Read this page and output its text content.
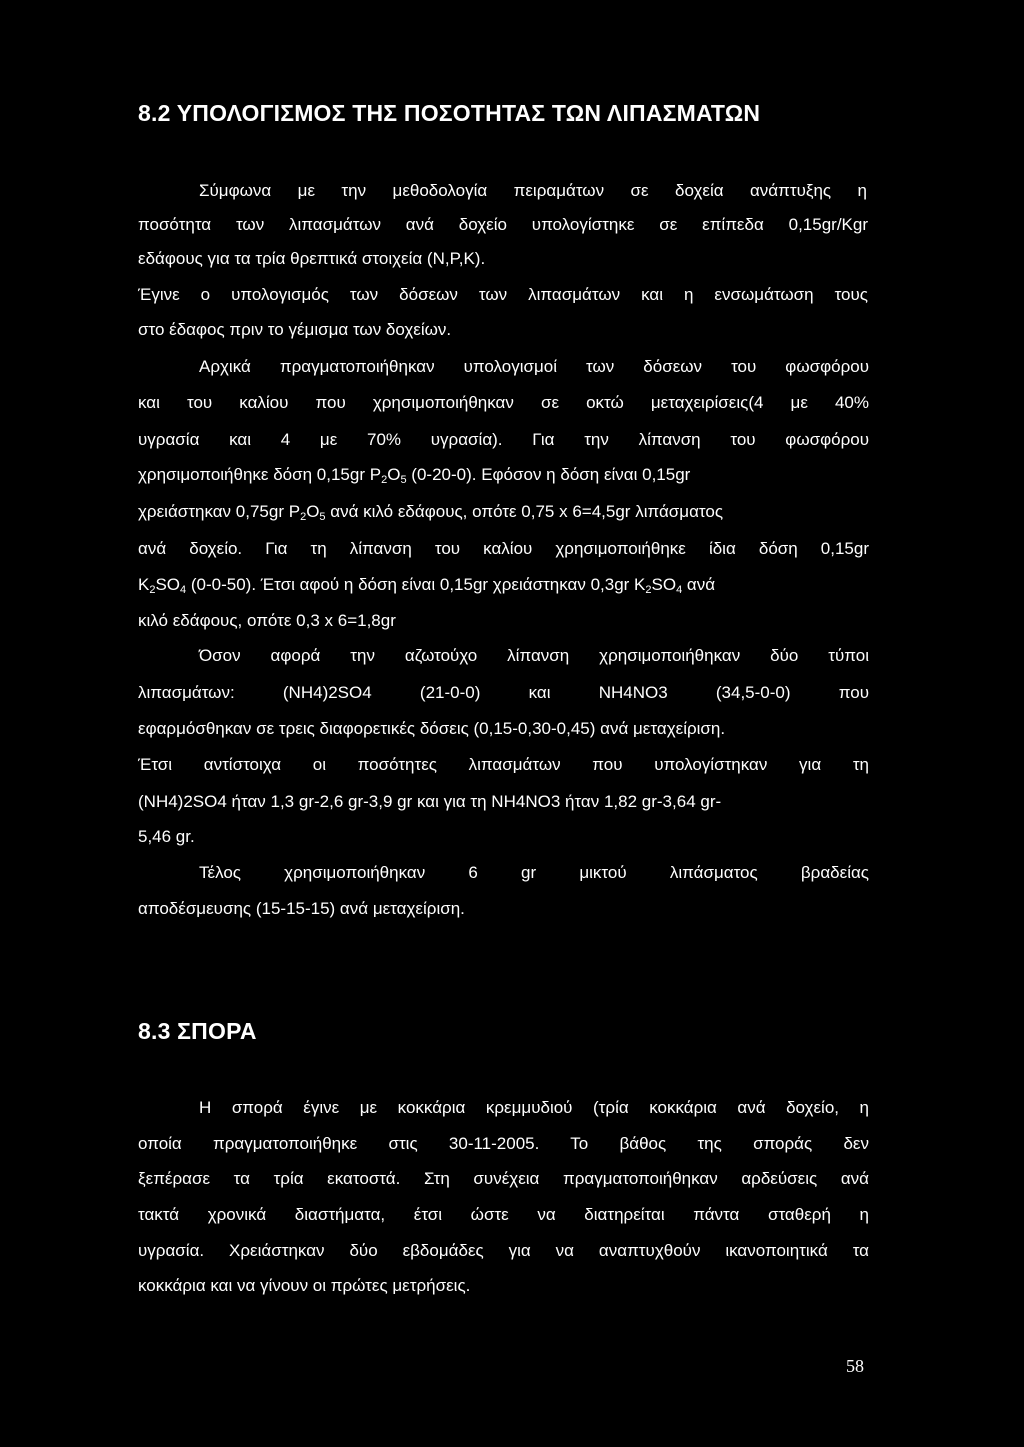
8.2 ΥΠΟΛΟΓΙΣΜΟΣ ΤΗΣ ΠΟΣΟΤΗΤΑΣ ΤΩΝ ΛΙΠΑΣΜΑΤΩΝ

Σύμφωνα με την μεθοδολογία πειραμάτων σε δοχεία ανάπτυξης η

ποσότητα των λιπασμάτων ανά δοχείο υπολογίστηκε σε επίπεδα 0,15gr/Kgr

εδάφους για τα τρία θρεπτικά στοιχεία (N,P,K).

Έγινε ο υπολογισμός των δόσεων των λιπασμάτων και η ενσωμάτωση τους

στο έδαφος πριν το γέμισμα των δοχείων.

Αρχικά πραγματοποιήθηκαν υπολογισμοί των δόσεων του φωσφόρου

και του καλίου που χρησιμοποιήθηκαν σε οκτώ μεταχειρίσεις(4 με 40%

υγρασία και 4 με 70% υγρασία). Για την λίπανση του φωσφόρου

χρησιμοποιήθηκε δόση 0,15gr $P_2O_5$ (0-20-0). Εφόσον η δόση είναι 0,15gr

χρειάστηκαν 0,75gr $P_2O_5$ ανά κιλό εδάφους, οπότε 0,75 x 6=4,5gr λιπάσματος

ανά δοχείο. Για τη λίπανση του καλίου χρησιμοποιήθηκε ίδια δόση 0,15gr

$K_2SO_4$ (0-0-50). Έτσι αφού η δόση είναι 0,15gr χρειάστηκαν 0,3gr $K_2SO_4$ ανά

κιλό εδάφους, οπότε 0,3 x 6=1,8gr

Όσον αφορά την αζωτούχο λίπανση χρησιμοποιήθηκαν δύο τύποι

λιπασμάτων: (NH4)2SO4 (21-0-0) και NH4NO3 (34,5-0-0) που

εφαρμόσθηκαν σε τρεις διαφορετικές δόσεις (0,15-0,30-0,45) ανά μεταχείριση.

Έτσι αντίστοιχα οι ποσότητες λιπασμάτων που υπολογίστηκαν για τη

(NH4)2SO4 ήταν 1,3 gr-2,6 gr-3,9 gr και για τη NH4NO3 ήταν 1,82 gr-3,64 gr-

5,46 gr.

Τέλος χρησιμοποιήθηκαν 6 gr μικτού λιπάσματος βραδείας

αποδέσμευσης (15-15-15) ανά μεταχείριση.

8.3 ΣΠΟΡΑ

Η σπορά έγινε με κοκκάρια κρεμμυδιού (τρία κοκκάρια ανά δοχείο, η

οποία πραγματοποιήθηκε στις 30-11-2005. Το βάθος της σποράς δεν

ξεπέρασε τα τρία εκατοστά. Στη συνέχεια πραγματοποιήθηκαν αρδεύσεις ανά

τακτά χρονικά διαστήματα, έτσι ώστε να διατηρείται πάντα σταθερή η

υγρασία. Χρειάστηκαν δύο εβδομάδες για να αναπτυχθούν ικανοποιητικά τα

κοκκάρια και να γίνουν οι πρώτες μετρήσεις.

58
